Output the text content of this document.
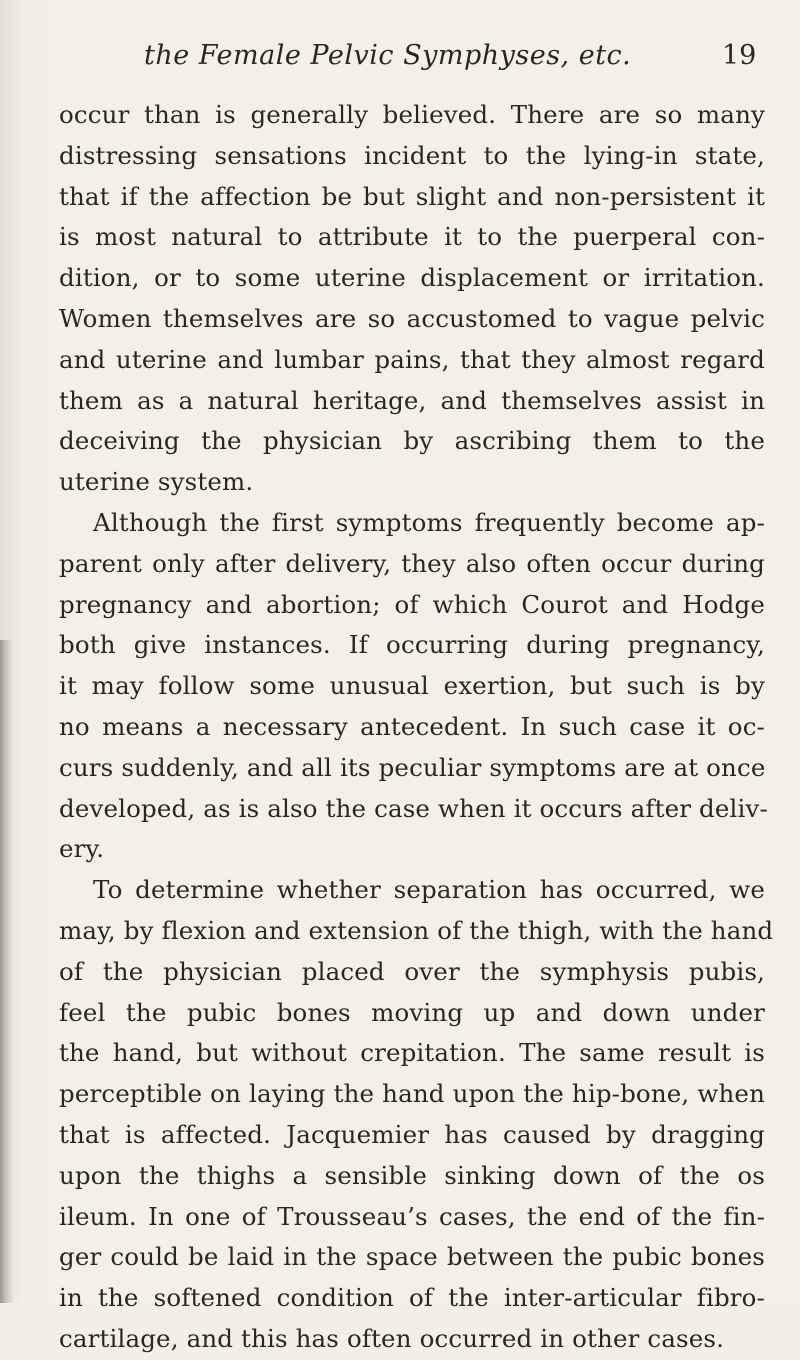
the Female Pelvic Symphyses, etc.	19
occur than is generally believed. There are so many
distressing sensations incident to the lying-in state,
that if the affection be but slight and non-persistent it
is most natural to attribute it to the puerperal con-
dition, or to some uterine displacement or irritation.
Women themselves are so accustomed to vague pelvic
and uterine and lumbar pains, that they almost regard
them as a natural heritage, and themselves assist in
deceiving the physician by ascribing them to the
uterine system.
Although the first symptoms frequently become ap-
parent only after delivery, they also often occur during
pregnancy and abortion; of which Courot and Hodge
both give instances. If occurring during pregnancy,
it may follow some unusual exertion, but such is by
no means a necessary antecedent. In such case it oc-
curs suddenly, and all its peculiar symptoms are at once
developed, as is also the case when it occurs after deliv-
ery.
To determine whether separation has occurred, we
may, by flexion and extension of the thigh, with the hand
of the physician placed over the symphysis pubis,
feel the pubic bones moving up and down under
the hand, but without crepitation. The same result is
perceptible on laying the hand upon the hip-bone, when
that is affected. Jacquemier has caused by dragging
upon the thighs a sensible sinking down of the os
ileum. In one of Trousseau’s cases, the end of the fin-
ger could be laid in the space between the pubic bones
in the softened condition of the inter-articular fibro-
cartilage, and this has often occurred in other cases.
